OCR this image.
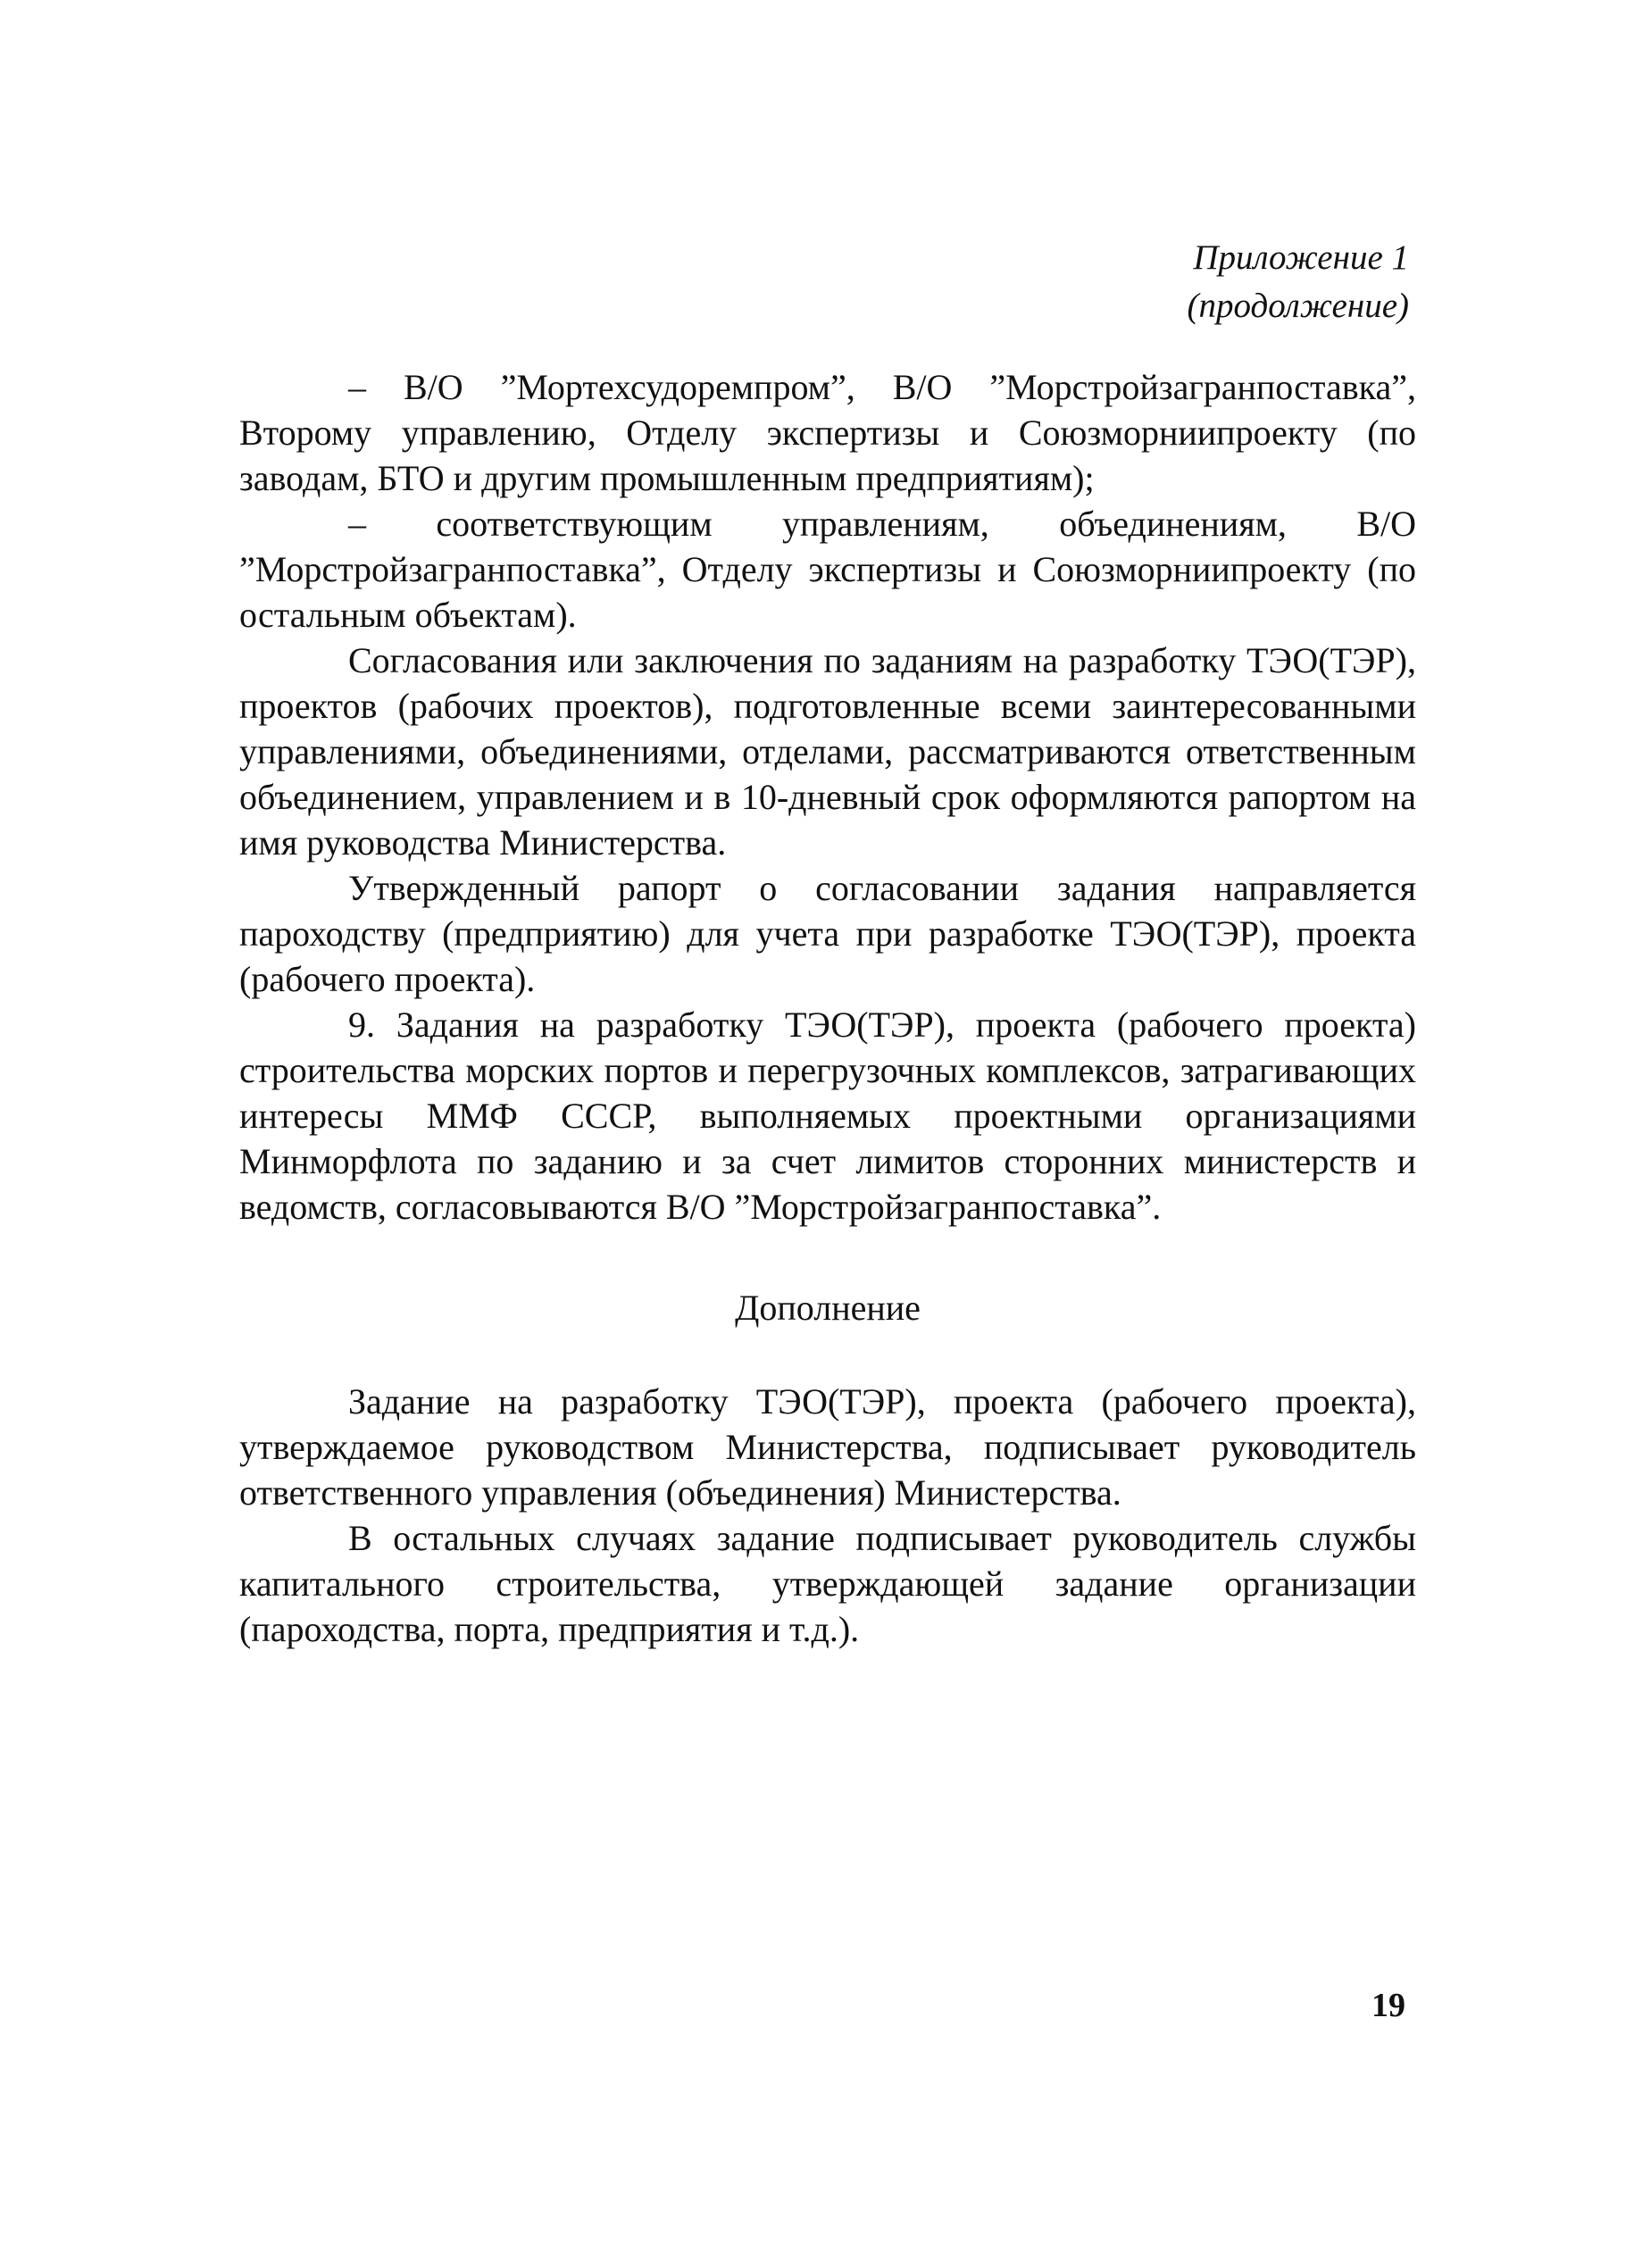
Приложение 1
(продолжение)

– В/О ”Мортехсудоремпром”, В/О ”Морстройзагранпоставка”, Второму управлению, Отделу экспертизы и Союзморниипроекту (по заводам, БТО и другим промышленным предприятиям);

– соответствующим управлениям, объединениям, В/О ”Морстройзагранпоставка”, Отделу экспертизы и Союзморниипроекту (по остальным объектам).

Согласования или заключения по заданиям на разработку ТЭО(ТЭР), проектов (рабочих проектов), подготовленные всеми заинтересованными управлениями, объединениями, отделами, рассматриваются ответственным объединением, управлением и в 10-дневный срок оформляются рапортом на имя руководства Министерства.

Утвержденный рапорт о согласовании задания направляется пароходству (предприятию) для учета при разработке ТЭО(ТЭР), проекта (рабочего проекта).

9. Задания на разработку ТЭО(ТЭР), проекта (рабочего проекта) строительства морских портов и перегрузочных комплексов, затрагивающих интересы ММФ СССР, выполняемых проектными организациями Минморфлота по заданию и за счет лимитов сторонних министерств и ведомств, согласовываются В/О ”Морстройзагранпоставка”.

Дополнение

Задание на разработку ТЭО(ТЭР), проекта (рабочего проекта), утверждаемое руководством Министерства, подписывает руководитель ответственного управления (объединения) Министерства.

В остальных случаях задание подписывает руководитель службы капитального строительства, утверждающей задание организации (пароходства, порта, предприятия и т.д.).

19
